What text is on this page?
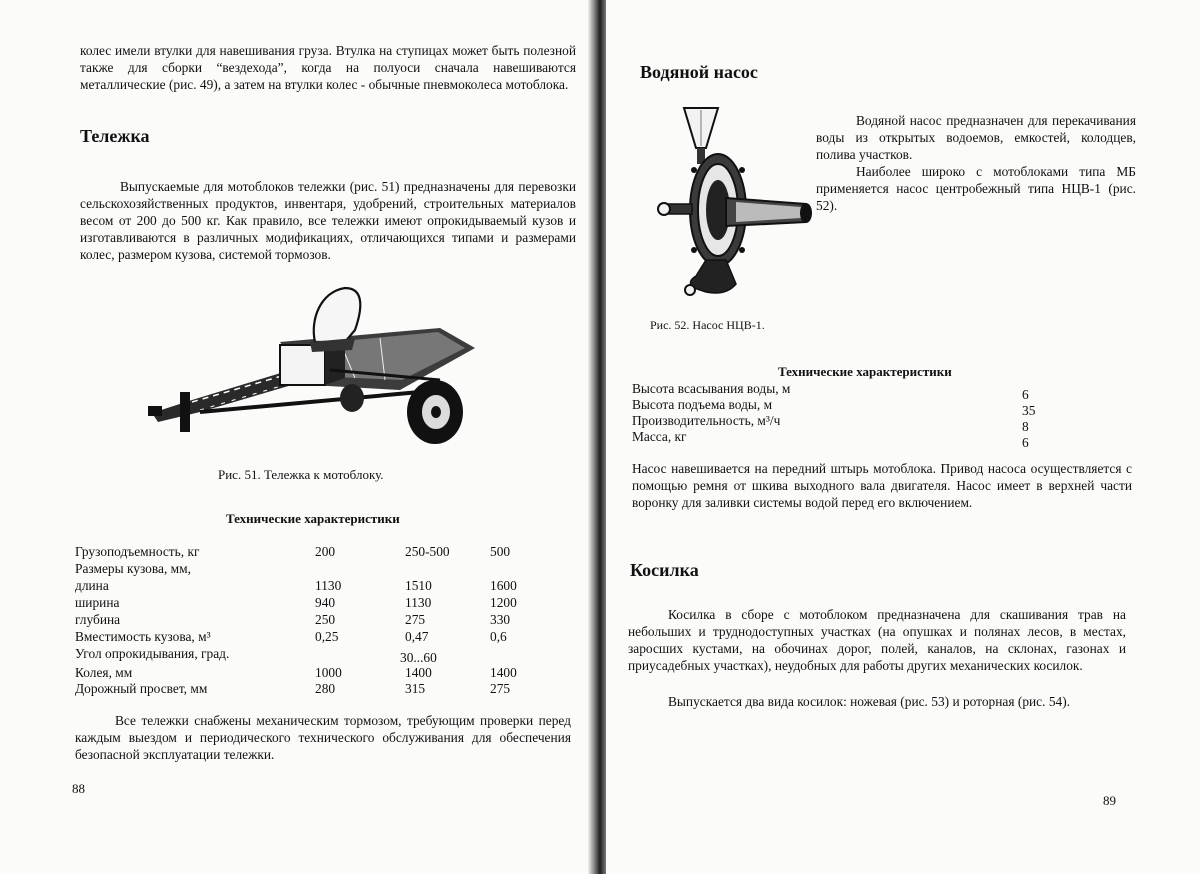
колес имели втулки для навешивания груза. Втулка на ступицах может быть полезной также для сборки “вездехода”, когда на полуоси сначала навешиваются металлические (рис. 49), а затем на втулки колес - обычные пневмоколеса мотоблока.

Тележка

Выпускаемые для мотоблоков тележки (рис. 51) предназначены для перевозки сельскохозяйственных продуктов, инвентаря, удобрений, строительных материалов весом от 200 до 500 кг. Как правило, все тележки имеют опрокидываемый кузов и изготавливаются в различных модификациях, отличающихся типами и размерами колес, размером кузова, системой тормозов.

Рис. 51. Тележка к мотоблоку.

Технические характеристики

Грузоподъемность, кг	200	250-500	500
Размеры кузова, мм,
длина	1130	1510	1600
ширина	940	1130	1200
глубина	250	275	330
Вместимость кузова, м³	0,25	0,47	0,6
Угол опрокидывания, град.	30...60
Колея, мм	1000	1400	1400
Дорожный просвет, мм	280	315	275

Все тележки снабжены механическим тормозом, требующим проверки перед каждым выездом и периодического технического обслуживания для обеспечения безопасной эксплуатации тележки.

88
Водяной насос

Водяной насос предназначен для перекачивания воды из открытых водоемов, емкостей, колодцев, полива участков.

Наиболее широко с мотоблоками типа МБ применяется насос центробежный типа НЦВ-1 (рис. 52).

Рис. 52. Насос НЦВ-1.

Технические характеристики

Высота всасывания воды, м	6
Высота подъема воды, м	35
Производительность, м³/ч	8
Масса, кг	6

Насос навешивается на передний штырь мотоблока. Привод насоса осуществляется с помощью ремня от шкива выходного вала двигателя. Насос имеет в верхней части воронку для заливки системы водой перед его включением.

Косилка

Косилка в сборе с мотоблоком предназначена для скашивания трав на небольших и труднодоступных участках (на опушках и полянах лесов, в местах, заросших кустами, на обочинах дорог, полей, каналов, на склонах, газонах и приусадебных участках), неудобных для работы других механических косилок.

Выпускается два вида косилок: ножевая (рис. 53) и роторная (рис. 54).

89
